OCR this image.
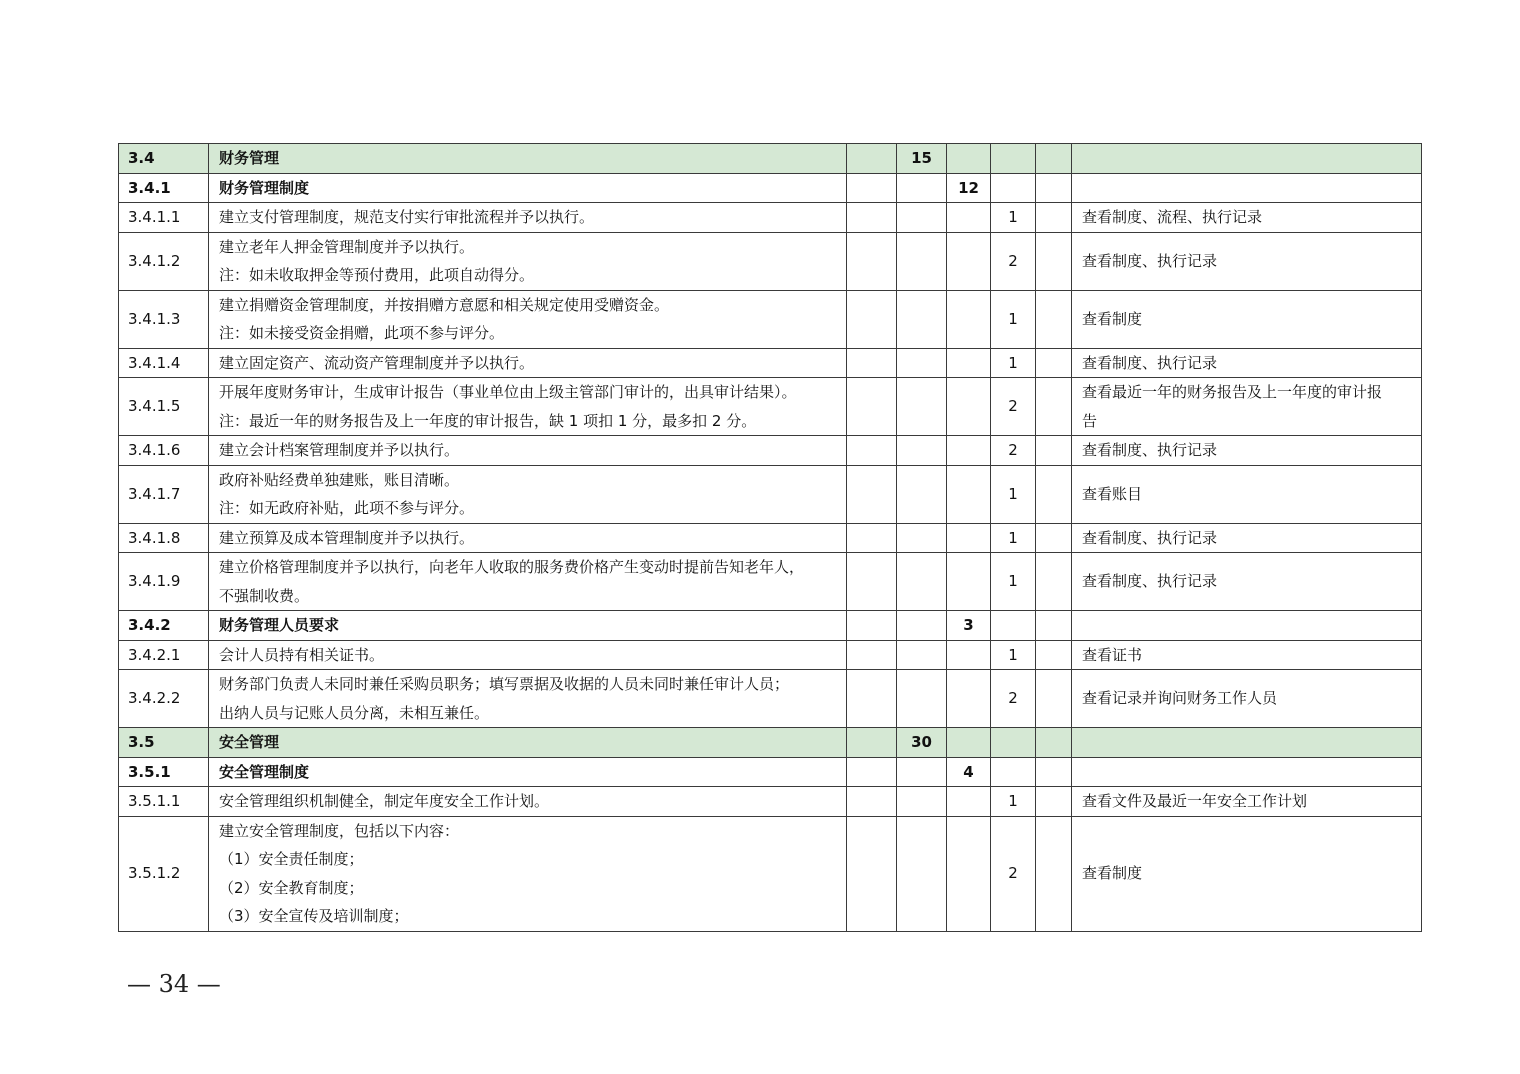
3.4	财务管理		15				

3.4.1	财务管理制度			12			

3.4.1.1	建立支付管理制度，规范支付实行审批流程并予以执行。				1		查看制度、流程、执行记录

3.4.1.2	建立老年人押金管理制度并予以执行。
注：如未收取押金等预付费用，此项自动得分。				2		查看制度、执行记录

3.4.1.3	建立捐赠资金管理制度，并按捐赠方意愿和相关规定使用受赠资金。
注：如未接受资金捐赠，此项不参与评分。				1		查看制度

3.4.1.4	建立固定资产、流动资产管理制度并予以执行。				1		查看制度、执行记录

3.4.1.5	开展年度财务审计，生成审计报告（事业单位由上级主管部门审计的，出具审计结果）。
注：最近一年的财务报告及上一年度的审计报告，缺 1 项扣 1 分，最多扣 2 分。				2		查看最近一年的财务报告及上一年度的审计报
告

3.4.1.6	建立会计档案管理制度并予以执行。				2		查看制度、执行记录

3.4.1.7	政府补贴经费单独建账，账目清晰。
注：如无政府补贴，此项不参与评分。				1		查看账目

3.4.1.8	建立预算及成本管理制度并予以执行。				1		查看制度、执行记录

3.4.1.9	建立价格管理制度并予以执行，向老年人收取的服务费价格产生变动时提前告知老年人，
不强制收费。				1		查看制度、执行记录

3.4.2	财务管理人员要求			3			

3.4.2.1	会计人员持有相关证书。				1		查看证书

3.4.2.2	财务部门负责人未同时兼任采购员职务；填写票据及收据的人员未同时兼任审计人员；
出纳人员与记账人员分离，未相互兼任。				2		查看记录并询问财务工作人员

3.5	安全管理		30				

3.5.1	安全管理制度			4			

3.5.1.1	安全管理组织机制健全，制定年度安全工作计划。				1		查看文件及最近一年安全工作计划

3.5.1.2	建立安全管理制度，包括以下内容：
（1）安全责任制度；
（2）安全教育制度；
（3）安全宣传及培训制度；				2		查看制度
— 34 —
